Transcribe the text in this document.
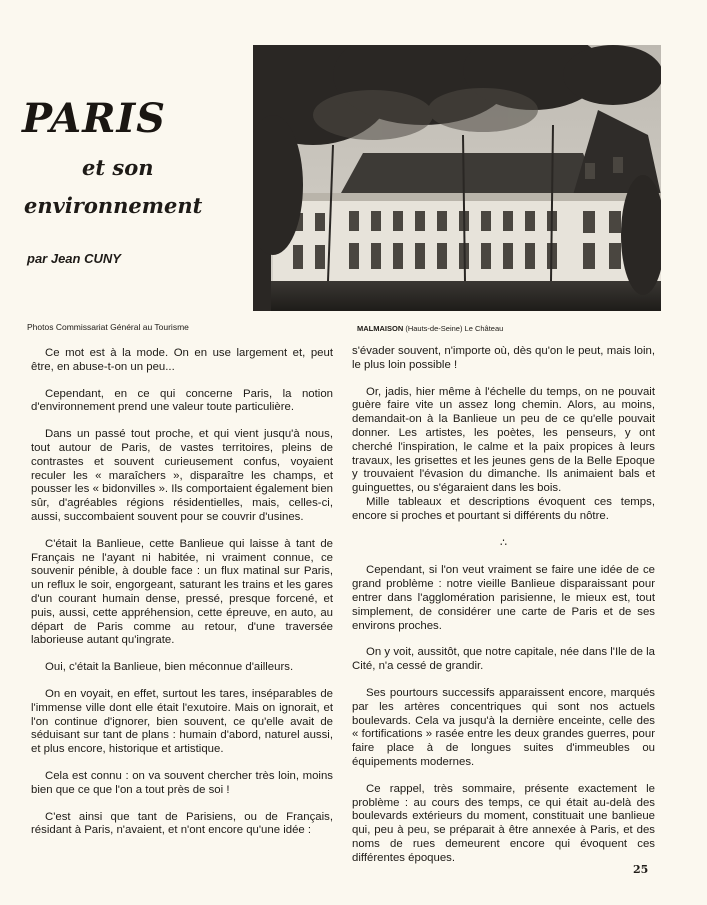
PARIS
et son
environnement
par Jean CUNY
Photos Commissariat Général au Tourisme	MALMAISON (Hauts-de-Seine) Le Château

Ce mot est à la mode. On en use largement et, peut être, en abuse-t-on un peu...

Cependant, en ce qui concerne Paris, la notion d'environnement prend une valeur toute particulière.

Dans un passé tout proche, et qui vient jusqu'à nous, tout autour de Paris, de vastes territoires, pleins de contrastes et souvent curieusement confus, voyaient reculer les « maraîchers », disparaître les champs, et pousser les « bidonvilles ». Ils comportaient également bien sûr, d'agréables régions résidentielles, mais, celles-ci, aussi, succombaient souvent pour se couvrir d'usines.

C'était la Banlieue, cette Banlieue qui laisse à tant de Français ne l'ayant ni habitée, ni vraiment connue, ce souvenir pénible, à double face : un flux matinal sur Paris, un reflux le soir, engorgeant, saturant les trains et les gares d'un courant humain dense, pressé, presque forcené, et puis, aussi, cette appréhension, cette épreuve, en auto, au départ de Paris comme au retour, d'une traversée laborieuse autant qu'ingrate.

Oui, c'était la Banlieue, bien méconnue d'ailleurs.

On en voyait, en effet, surtout les tares, inséparables de l'immense ville dont elle était l'exutoire. Mais on ignorait, et l'on continue d'ignorer, bien souvent, ce qu'elle avait de séduisant sur tant de plans : humain d'abord, naturel aussi, et plus encore, historique et artistique.

Cela est connu : on va souvent chercher très loin, moins bien que ce que l'on a tout près de soi !

C'est ainsi que tant de Parisiens, ou de Français, résidant à Paris, n'avaient, et n'ont encore qu'une idée :

s'évader souvent, n'importe où, dès qu'on le peut, mais loin, le plus loin possible !

Or, jadis, hier même à l'échelle du temps, on ne pouvait guère faire vite un assez long chemin. Alors, au moins, demandait-on à la Banlieue un peu de ce qu'elle pouvait donner. Les artistes, les poètes, les penseurs, y ont cherché l'inspiration, le calme et la paix propices à leurs travaux, les grisettes et les jeunes gens de la Belle Epoque y trouvaient l'évasion du dimanche. Ils animaient bals et guinguettes, ou s'égaraient dans les bois.

Mille tableaux et descriptions évoquent ces temps, encore si proches et pourtant si différents du nôtre.

∴

Cependant, si l'on veut vraiment se faire une idée de ce grand problème : notre vieille Banlieue disparaissant pour entrer dans l'agglomération parisienne, le mieux est, tout simplement, de considérer une carte de Paris et de ses environs proches.

On y voit, aussitôt, que notre capitale, née dans l'Ile de la Cité, n'a cessé de grandir.

Ses pourtours successifs apparaissent encore, marqués par les artères concentriques qui sont nos actuels boulevards. Cela va jusqu'à la dernière enceinte, celle des « fortifications » rasée entre les deux grandes guerres, pour faire place à de longues suites d'immeubles ou équipements modernes.

Ce rappel, très sommaire, présente exactement le problème : au cours des temps, ce qui était au-delà des boulevards extérieurs du moment, constituait une banlieue qui, peu à peu, se préparait à être annexée à Paris, et des noms de rues demeurent encore qui évoquent ces différentes époques.

25
